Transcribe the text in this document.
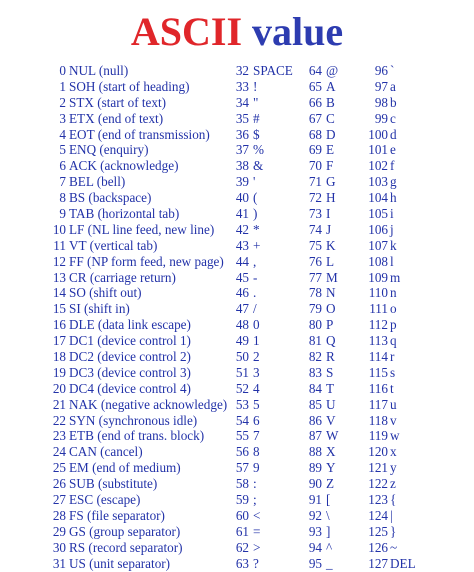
ASCII value
0 NUL (null)	32 SPACE	64 @	96 `
1 SOH (start of heading)	33 !	65 A	97 a
2 STX (start of text)	34 "	66 B	98 b
3 ETX (end of text)	35 #	67 C	99 c
4 EOT (end of transmission)	36 $	68 D	100 d
5 ENQ (enquiry)	37 %	69 E	101 e
6 ACK (acknowledge)	38 &	70 F	102 f
7 BEL (bell)	39 '	71 G	103 g
8 BS (backspace)	40 (	72 H	104 h
9 TAB (horizontal tab)	41 )	73 I	105 i
10 LF (NL line feed, new line)	42 *	74 J	106 j
11 VT (vertical tab)	43 +	75 K	107 k
12 FF (NP form feed, new page) 44 ,	76 L	108 l
13 CR (carriage return)	45 -	77 M	109 m
14 SO (shift out)	46 .	78 N	110 n
15 SI (shift in)	47 /	79 O	111 o
16 DLE (data link escape)	48 0	80 P	112 p
17 DC1 (device control 1)	49 1	81 Q	113 q
18 DC2 (device control 2)	50 2	82 R	114 r
19 DC3 (device control 3)	51 3	83 S	115 s
20 DC4 (device control 4)	52 4	84 T	116 t
21 NAK (negative acknowledge) 53 5	85 U	117 u
22 SYN (synchronous idle)	54 6	86 V	118 v
23 ETB (end of trans. block)	55 7	87 W	119 w
24 CAN (cancel)	56 8	88 X	120 x
25 EM (end of medium)	57 9	89 Y	121 y
26 SUB (substitute)	58 :	90 Z	122 z
27 ESC (escape)	59 ;	91 [	123 {
28 FS (file separator)	60 <	92 \	124 |
29 GS (group separator)	61 =	93 ]	125 }
30 RS (record separator)	62 >	94 ^	126 ~
31 US (unit separator)	63 ?	95 _	127 DEL
